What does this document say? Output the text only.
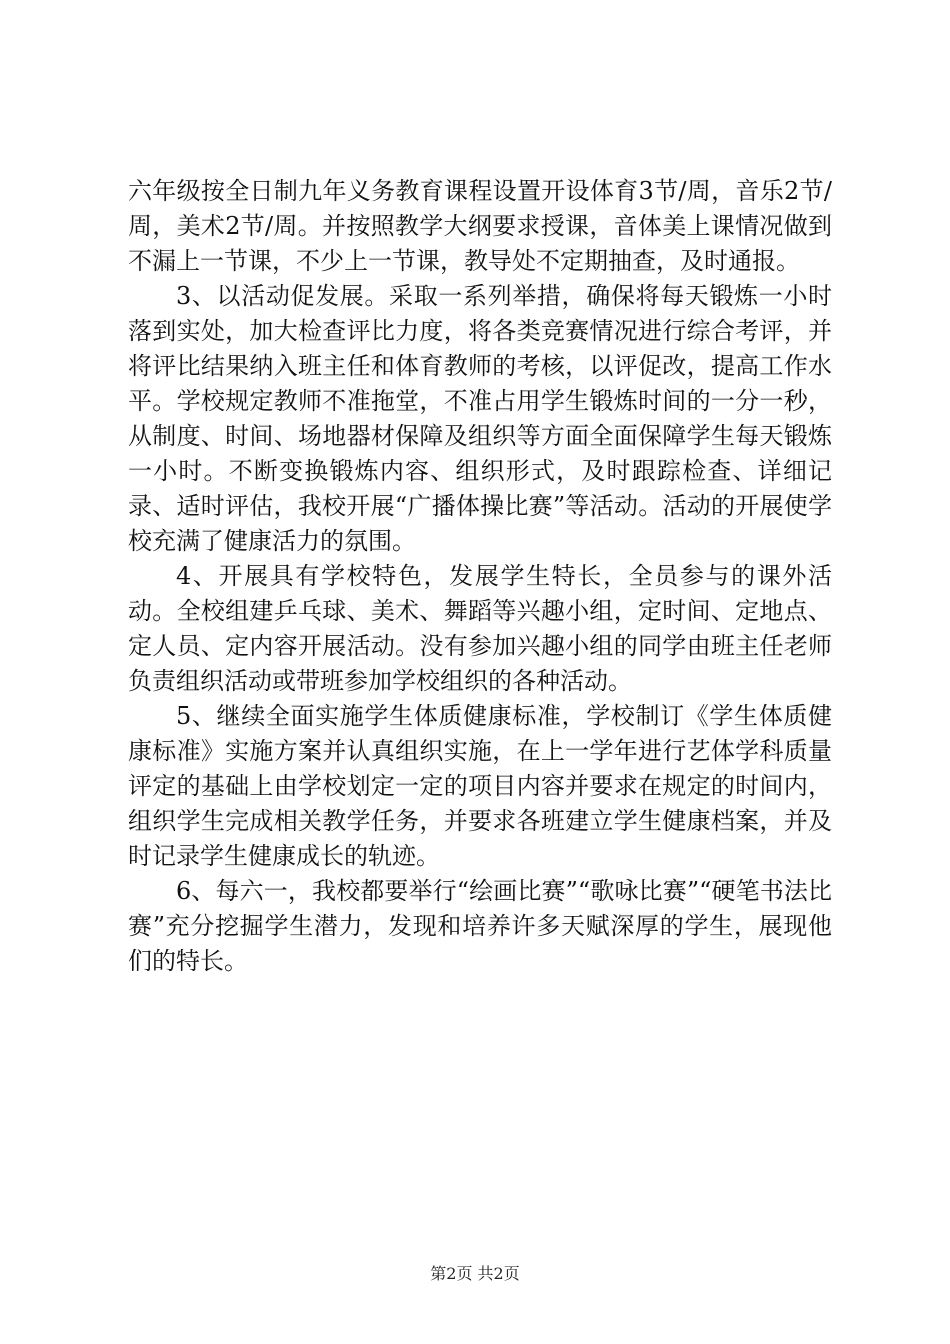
六年级按全日制九年义务教育课程设置开设体育3节/周，音乐2节/周，美术2节/周。并按照教学大纲要求授课，音体美上课情况做到不漏上一节课，不少上一节课，教导处不定期抽查，及时通报。

3、以活动促发展。采取一系列举措，确保将每天锻炼一小时落到实处，加大检查评比力度，将各类竞赛情况进行综合考评，并将评比结果纳入班主任和体育教师的考核，以评促改，提高工作水平。学校规定教师不准拖堂，不准占用学生锻炼时间的一分一秒，从制度、时间、场地器材保障及组织等方面全面保障学生每天锻炼一小时。不断变换锻炼内容、组织形式，及时跟踪检查、详细记录、适时评估，我校开展“广播体操比赛”等活动。活动的开展使学校充满了健康活力的氛围。

4、开展具有学校特色，发展学生特长，全员参与的课外活动。全校组建乒乓球、美术、舞蹈等兴趣小组，定时间、定地点、定人员、定内容开展活动。没有参加兴趣小组的同学由班主任老师负责组织活动或带班参加学校组织的各种活动。

5、继续全面实施学生体质健康标准，学校制订《学生体质健康标准》实施方案并认真组织实施，在上一学年进行艺体学科质量评定的基础上由学校划定一定的项目内容并要求在规定的时间内，组织学生完成相关教学任务，并要求各班建立学生健康档案，并及时记录学生健康成长的轨迹。

6、每六一，我校都要举行“绘画比赛”“歌咏比赛”“硬笔书法比赛”充分挖掘学生潜力，发现和培养许多天赋深厚的学生，展现他们的特长。

第2页 共2页
